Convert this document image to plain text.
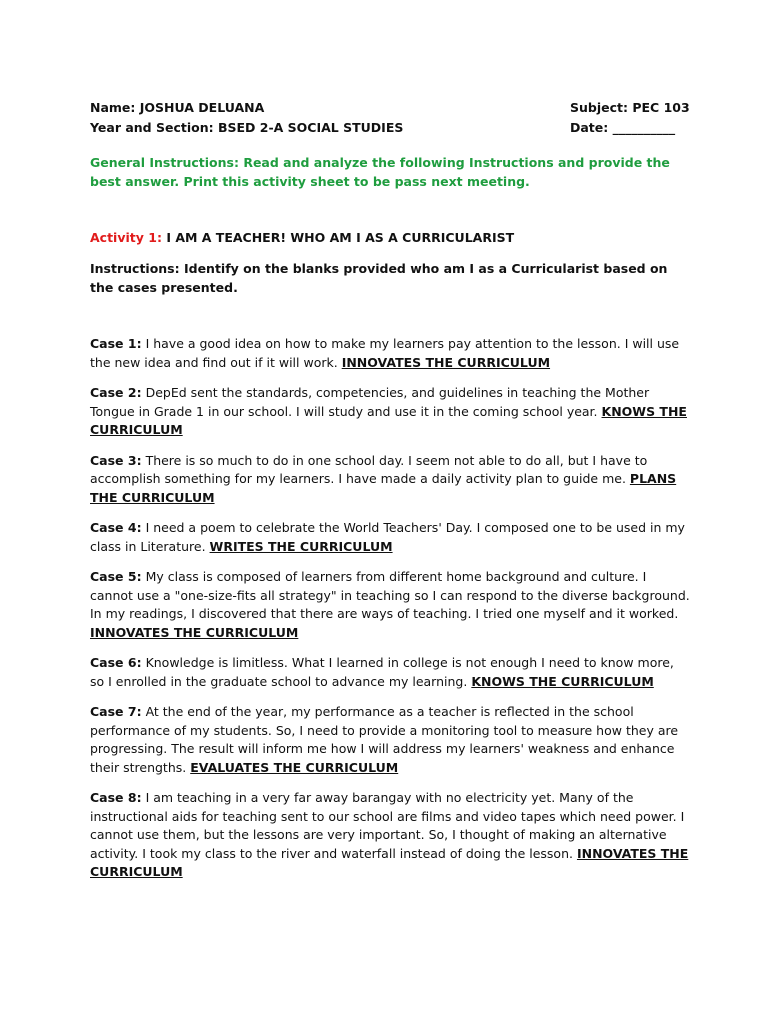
Name: JOSHUA DELUANA	Subject: PEC 103
Year and Section: BSED 2-A SOCIAL STUDIES	Date: __________
General Instructions: Read and analyze the following Instructions and provide the best answer. Print this activity sheet to be pass next meeting.
Activity 1: I AM A TEACHER! WHO AM I AS A CURRICULARIST
Instructions: Identify on the blanks provided who am I as a Curricularist based on the cases presented.

Case 1: I have a good idea on how to make my learners pay attention to the lesson. I will use the new idea and find out if it will work. INNOVATES THE CURRICULUM

Case 2: DepEd sent the standards, competencies, and guidelines in teaching the Mother Tongue in Grade 1 in our school. I will study and use it in the coming school year. KNOWS THE CURRICULUM

Case 3: There is so much to do in one school day. I seem not able to do all, but I have to accomplish something for my learners. I have made a daily activity plan to guide me. PLANS THE CURRICULUM

Case 4: I need a poem to celebrate the World Teachers' Day. I composed one to be used in my class in Literature. WRITES THE CURRICULUM

Case 5: My class is composed of learners from different home background and culture. I cannot use a "one-size-fits all strategy" in teaching so I can respond to the diverse background. In my readings, I discovered that there are ways of teaching. I tried one myself and it worked. INNOVATES THE CURRICULUM

Case 6: Knowledge is limitless. What I learned in college is not enough I need to know more, so I enrolled in the graduate school to advance my learning. KNOWS THE CURRICULUM

Case 7: At the end of the year, my performance as a teacher is reflected in the school performance of my students. So, I need to provide a monitoring tool to measure how they are progressing. The result will inform me how I will address my learners' weakness and enhance their strengths. EVALUATES THE CURRICULUM

Case 8: I am teaching in a very far away barangay with no electricity yet. Many of the instructional aids for teaching sent to our school are films and video tapes which need power. I cannot use them, but the lessons are very important. So, I thought of making an alternative activity. I took my class to the river and waterfall instead of doing the lesson. INNOVATES THE CURRICULUM
